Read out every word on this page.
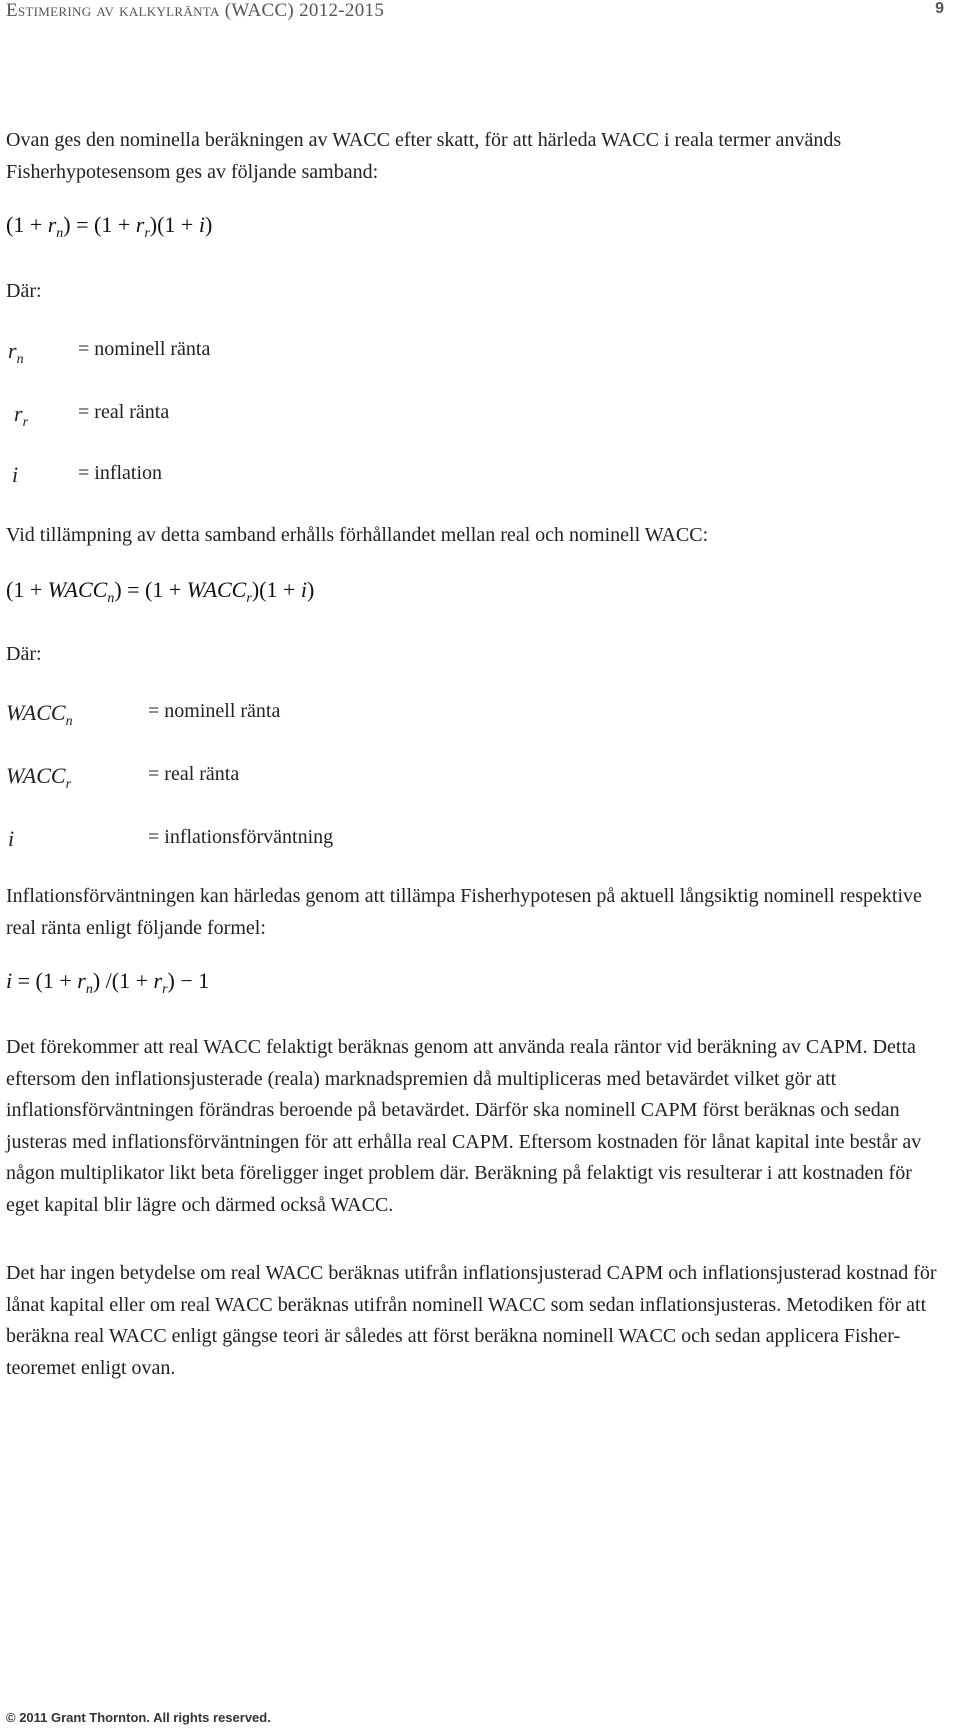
Estimering av kalkylränta (WACC) 2012-2015	9
Ovan ges den nominella beräkningen av WACC efter skatt, för att härleda WACC i reala termer används Fisherhypotesensom ges av följande samband:
$(1 + r_n) = (1 + r_r)(1 + i)$
Där:
$r_n$	= nominell ränta
$r_r$ = real ränta
i	= inflation
Vid tillämpning av detta samband erhålls förhållandet mellan real och nominell WACC:
$(1 + WACC_n) = (1$ + $WACC_r)(1 + i)$
Där:
$WACC_n$	= nominell ränta
$WACC_r$	= real ränta
i	= inflationsförväntning
Inflationsförväntningen kan härledas genom att tillämpa Fisherhypotesen på aktuell långsiktig nominell respektive real ränta enligt följande formel:
$i = (1 + r_n)$ $/(1 + r_r) - 1$
Det förekommer att real WACC felaktigt beräknas genom att använda reala räntor vid beräkning av CAPM. Detta eftersom den inflationsjusterade (reala) marknadspremien då multipliceras med betavärdet vilket gör att inflationsförväntningen förändras beroende på betavärdet. Därför ska nominell CAPM först beräknas och sedan justeras med inflationsförväntningen för att erhålla real CAPM. Eftersom kostnaden för lånat kapital inte består av någon multiplikator likt beta föreligger inget problem där. Beräkning på felaktigt vis resulterar i att kostnaden för eget kapital blir lägre och därmed också WACC.
Det har ingen betydelse om real WACC beräknas utifrån inflationsjusterad CAPM och inflationsjusterad kostnad för lånat kapital eller om real WACC beräknas utifrån nominell WACC som sedan inflationsjusteras. Metodiken för att beräkna real WACC enligt gängse teori är således att först beräkna nominell WACC och sedan applicera Fisher-teoremet enligt ovan.
© 2011 Grant Thornton. All rights reserved.
